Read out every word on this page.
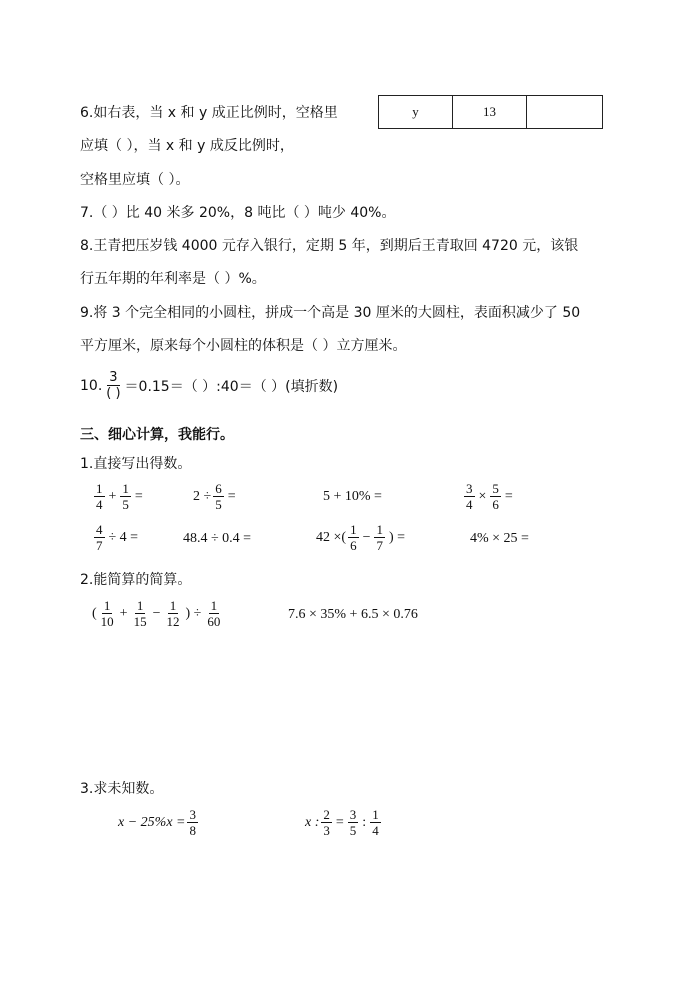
6.如右表，当 x 和 y 成正比例时，空格里	y	13	
应填（ ），当 x 和 y 成反比例时，
空格里应填（ ）。
7.（ ）比 40 米多 20%，8 吨比（ ）吨少 40%。
8.王青把压岁钱 4000 元存入银行，定期 5 年，到期后王青取回 4720 元，该银
行五年期的年利率是（ ）%。
9.将 3 个完全相同的小圆柱，拼成一个高是 30 厘米的大圆柱，表面积减少了 50
平方厘米，原来每个小圆柱的体积是（ ）立方厘米。
10. $\frac{3}{( )} =0.15=$（ ）:40＝（ ）(填折数)
三、细心计算，我能行。
1.直接写出得数。
$\frac{1}{4} + \frac{1}{5}$ =	$2 \div \frac{6}{5}$ =	5 + 10% =	$\frac{3}{4} \times \frac{5}{6}$ =
$\frac{4}{7} \div 4$ =	48.4 ÷ 0.4 =	42 ×( $\frac{1}{6} - \frac{1}{7}$ ) =	4% × 25 =
2.能简算的简算。
( $\frac{1}{10} + \frac{1}{15} - \frac{1}{12}$ ) ÷ $\frac{1}{60}$	7.6 × 35% + 6.5 × 0.76
3.求未知数。
$x - 25\%x = \frac{3}{8}$	x : $\frac{2}{3} = \frac{3}{5}$ : $\frac{1}{4}$
